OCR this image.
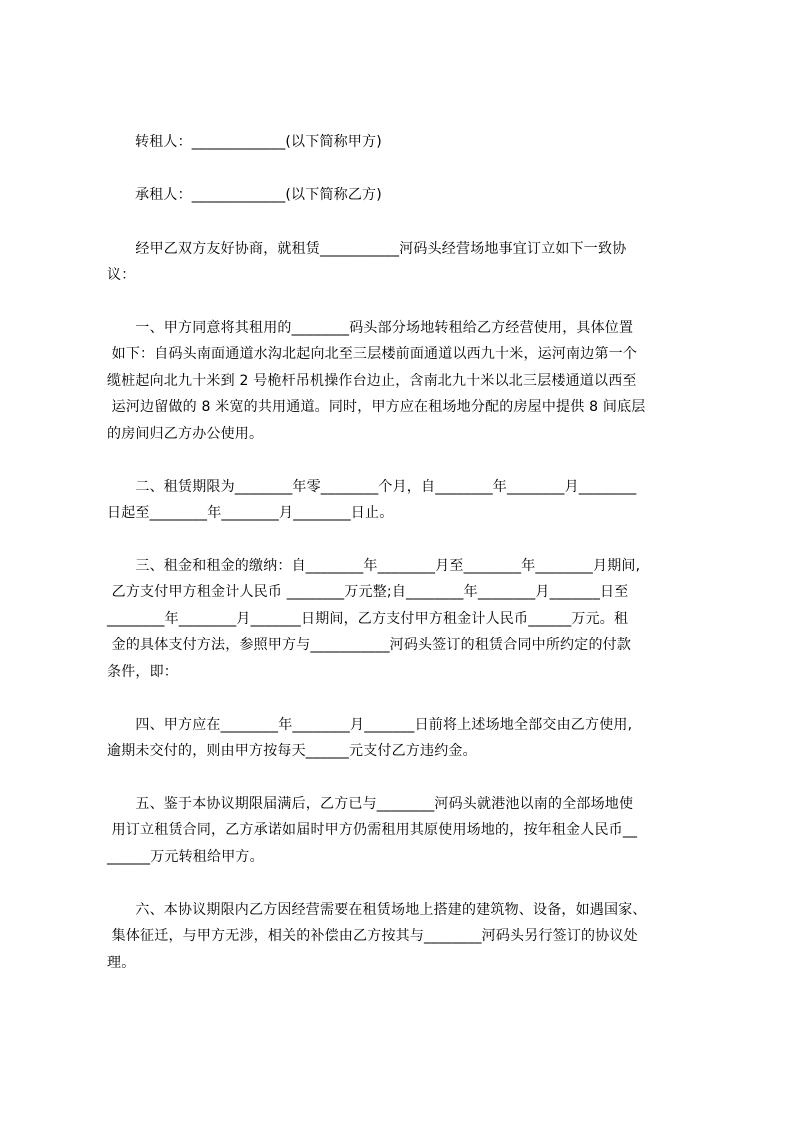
转租人：_____________(以下简称甲方)
承租人：_____________(以下简称乙方)
　　经甲乙双方友好协商，就租赁___________河码头经营场地事宜订立如下一致协
议：
　　一、甲方同意将其租用的________码头部分场地转租给乙方经营使用，具体位置
如下：自码头南面通道水沟北起向北至三层楼前面通道以西九十米，运河南边第一个
缆桩起向北九十米到 2 号桅杆吊机操作台边止，含南北九十米以北三层楼通道以西至
运河边留做的 8 米宽的共用通道。同时，甲方应在租场地分配的房屋中提供 8 间底层
的房间归乙方办公使用。
　　二、租赁期限为________年零________个月，自________年________月________
日起至________年________月________日止。
　　三、租金和租金的缴纳：自________年________月至________年________月期间,
乙方支付甲方租金计人民币 ________万元整;自________年________月_______日至
________年________月_______日期间，乙方支付甲方租金计人民币______万元。租
金的具体支付方法，参照甲方与___________河码头签订的租赁合同中所约定的付款
条件，即：
　　四、甲方应在________年________月_______日前将上述场地全部交由乙方使用,
逾期未交付的，则由甲方按每天______元支付乙方违约金。
　　五、鉴于本协议期限届满后，乙方已与________河码头就港池以南的全部场地使
用订立租赁合同，乙方承诺如届时甲方仍需租用其原使用场地的，按年租金人民币__
______万元转租给甲方。
　　六、本协议期限内乙方因经营需要在租赁场地上搭建的建筑物、设备，如遇国家、
集体征迁，与甲方无涉，相关的补偿由乙方按其与________河码头另行签订的协议处
理。
